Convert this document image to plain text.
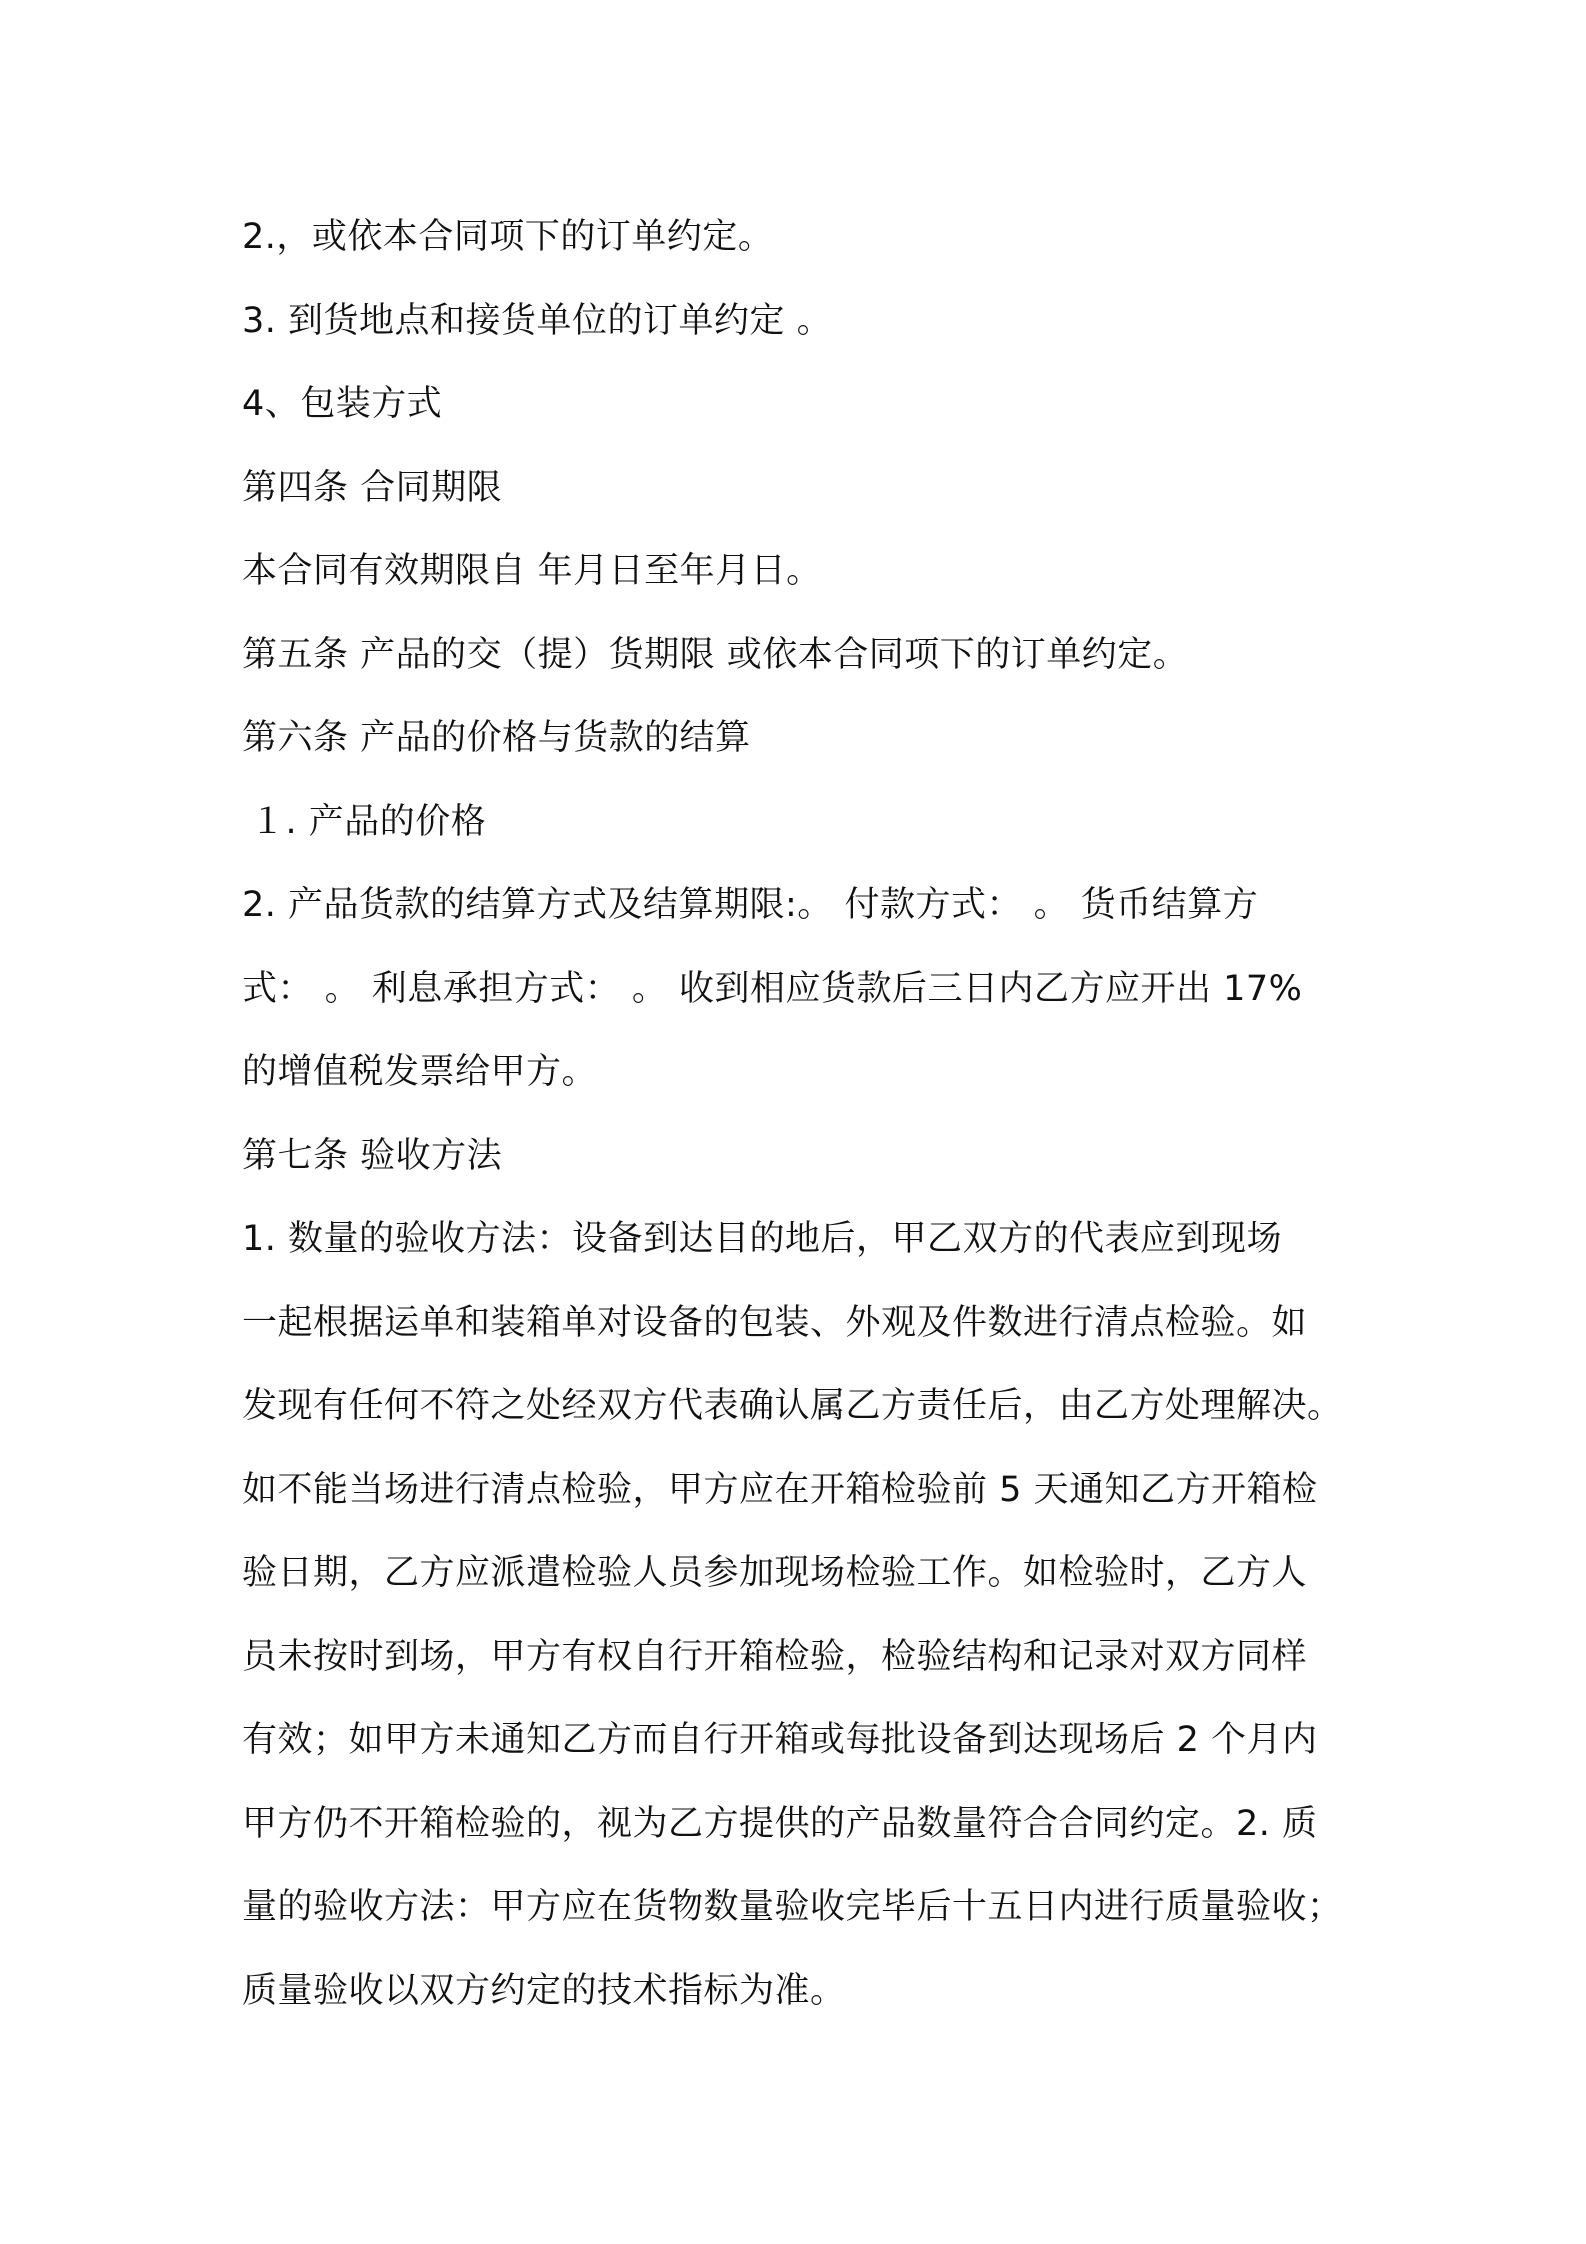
2.，或依本合同项下的订单约定。
3. 到货地点和接货单位的订单约定 。
4、包装方式
第四条 合同期限
本合同有效期限自 年月日至年月日。
第五条 产品的交（提）货期限 或依本合同项下的订单约定。
第六条 产品的价格与货款的结算
１. 产品的价格
2. 产品货款的结算方式及结算期限:。 付款方式： 。 货币结算方
式： 。 利息承担方式： 。 收到相应货款后三日内乙方应开出 17%
的增值税发票给甲方。
第七条 验收方法
1. 数量的验收方法：设备到达目的地后，甲乙双方的代表应到现场
一起根据运单和装箱单对设备的包装、外观及件数进行清点检验。如
发现有任何不符之处经双方代表确认属乙方责任后，由乙方处理解决。
如不能当场进行清点检验，甲方应在开箱检验前 5 天通知乙方开箱检
验日期，乙方应派遣检验人员参加现场检验工作。如检验时，乙方人
员未按时到场，甲方有权自行开箱检验，检验结构和记录对双方同样
有效；如甲方未通知乙方而自行开箱或每批设备到达现场后 2 个月内
甲方仍不开箱检验的，视为乙方提供的产品数量符合合同约定。2. 质
量的验收方法：甲方应在货物数量验收完毕后十五日内进行质量验收；
质量验收以双方约定的技术指标为准。
